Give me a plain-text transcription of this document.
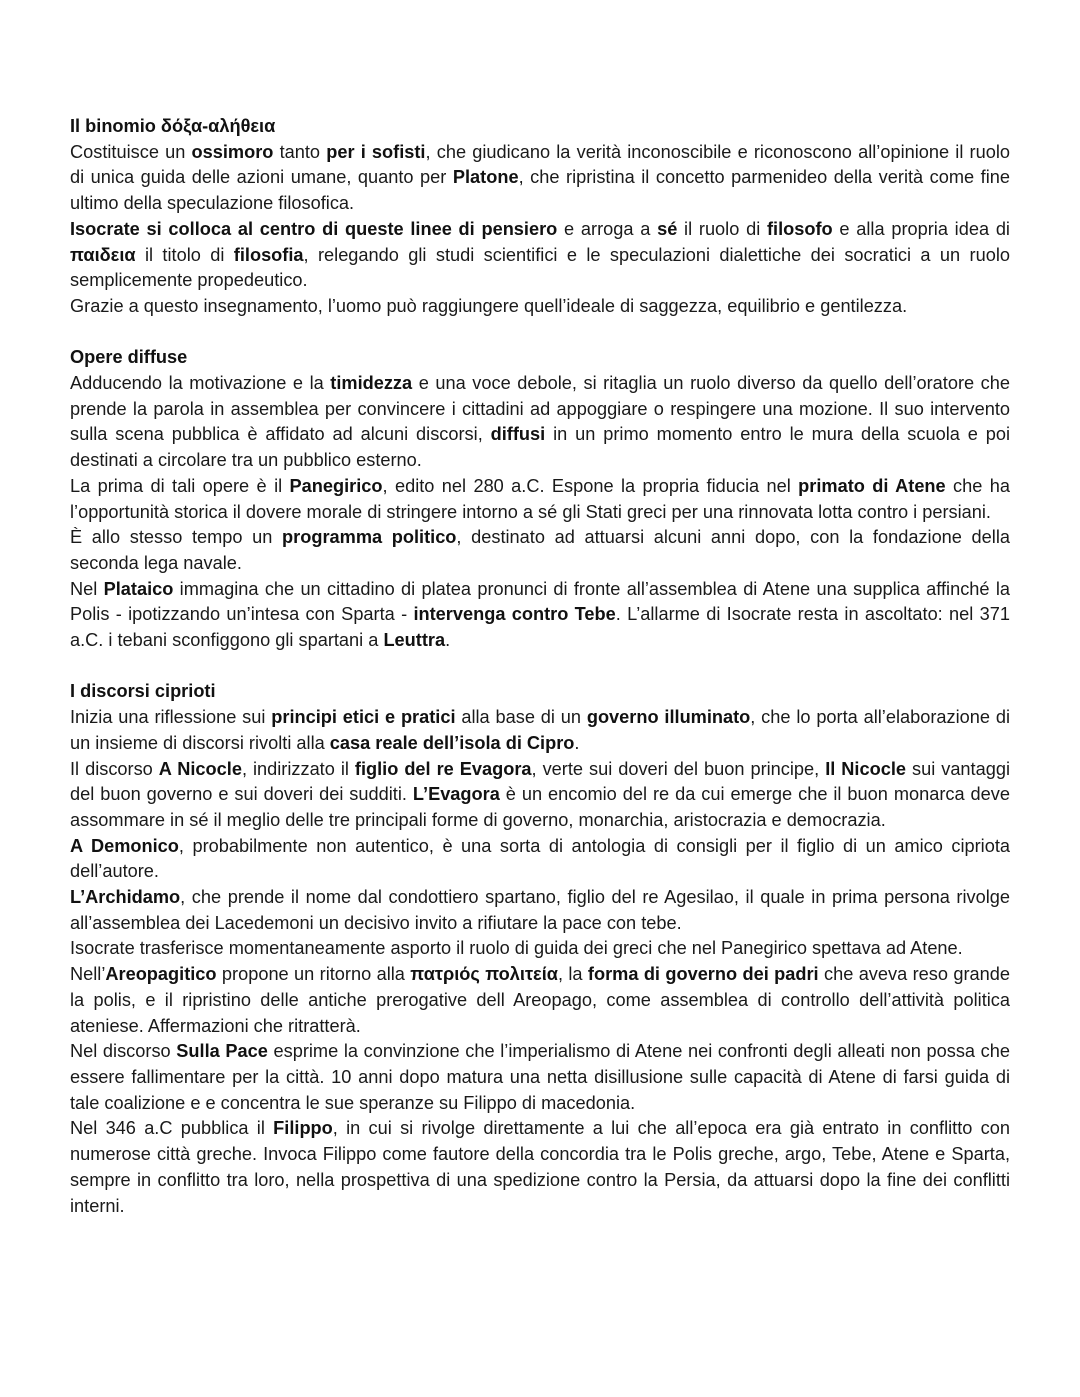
Il binomio δόξα-αλήθεια

Costituisce un ossimoro tanto per i sofisti, che giudicano la verità inconoscibile e riconoscono all’opinione il ruolo di unica guida delle azioni umane, quanto per Platone, che ripristina il concetto parmenideo della verità come fine ultimo della speculazione filosofica.

Isocrate si colloca al centro di queste linee di pensiero e arroga a sé il ruolo di filosofo e alla propria idea di παιδεια il titolo di filosofia, relegando gli studi scientifici e le speculazioni dialettiche dei socratici a un ruolo semplicemente propedeutico.

Grazie a questo insegnamento, l’uomo può raggiungere quell’ideale di saggezza, equilibrio e gentilezza.

Opere diffuse

Adducendo la motivazione e la timidezza e una voce debole, si ritaglia un ruolo diverso da quello dell’oratore che prende la parola in assemblea per convincere i cittadini ad appoggiare o respingere una mozione. Il suo intervento sulla scena pubblica è affidato ad alcuni discorsi, diffusi in un primo momento entro le mura della scuola e poi destinati a circolare tra un pubblico esterno.

La prima di tali opere è il Panegirico, edito nel 280 a.C. Espone la propria fiducia nel primato di Atene che ha l’opportunità storica il dovere morale di stringere intorno a sé gli Stati greci per una rinnovata lotta contro i persiani.

È allo stesso tempo un programma politico, destinato ad attuarsi alcuni anni dopo, con la fondazione della seconda lega navale.

Nel Plataico immagina che un cittadino di platea pronunci di fronte all’assemblea di Atene una supplica affinché la Polis - ipotizzando un’intesa con Sparta - intervenga contro Tebe. L’allarme di Isocrate resta in ascoltato: nel 371 a.C. i tebani sconfiggono gli spartani a Leuttra.

I discorsi ciprioti

Inizia una riflessione sui principi etici e pratici alla base di un governo illuminato, che lo porta all’elaborazione di un insieme di discorsi rivolti alla casa reale dell’isola di Cipro.

Il discorso A Nicocle, indirizzato il figlio del re Evagora, verte sui doveri del buon principe, Il Nicocle sui vantaggi del buon governo e sui doveri dei sudditi. L’Evagora è un encomio del re da cui emerge che il buon monarca deve assommare in sé il meglio delle tre principali forme di governo, monarchia, aristocrazia e democrazia.

A Demonico, probabilmente non autentico, è una sorta di antologia di consigli per il figlio di un amico cipriota dell’autore.

L’Archidamo, che prende il nome dal condottiero spartano, figlio del re Agesilao, il quale in prima persona rivolge all’assemblea dei Lacedemoni un decisivo invito a rifiutare la pace con tebe.

Isocrate trasferisce momentaneamente asporto il ruolo di guida dei greci che nel Panegirico spettava ad Atene.

Nell’Areopagitico propone un ritorno alla πατριός πολιτεία, la forma di governo dei padri che aveva reso grande la polis, e il ripristino delle antiche prerogative dell Areopago, come assemblea di controllo dell’attività politica ateniese. Affermazioni che ritratterà.

Nel discorso Sulla Pace esprime la convinzione che l’imperialismo di Atene nei confronti degli alleati non possa che essere fallimentare per la città. 10 anni dopo matura una netta disillusione sulle capacità di Atene di farsi guida di tale coalizione e e concentra le sue speranze su Filippo di macedonia.

Nel 346 a.C pubblica il Filippo, in cui si rivolge direttamente a lui che all’epoca era già entrato in conflitto con numerose città greche. Invoca Filippo come fautore della concordia tra le Polis greche, argo, Tebe, Atene e Sparta, sempre in conflitto tra loro, nella prospettiva di una spedizione contro la Persia, da attuarsi dopo la fine dei conflitti interni.
